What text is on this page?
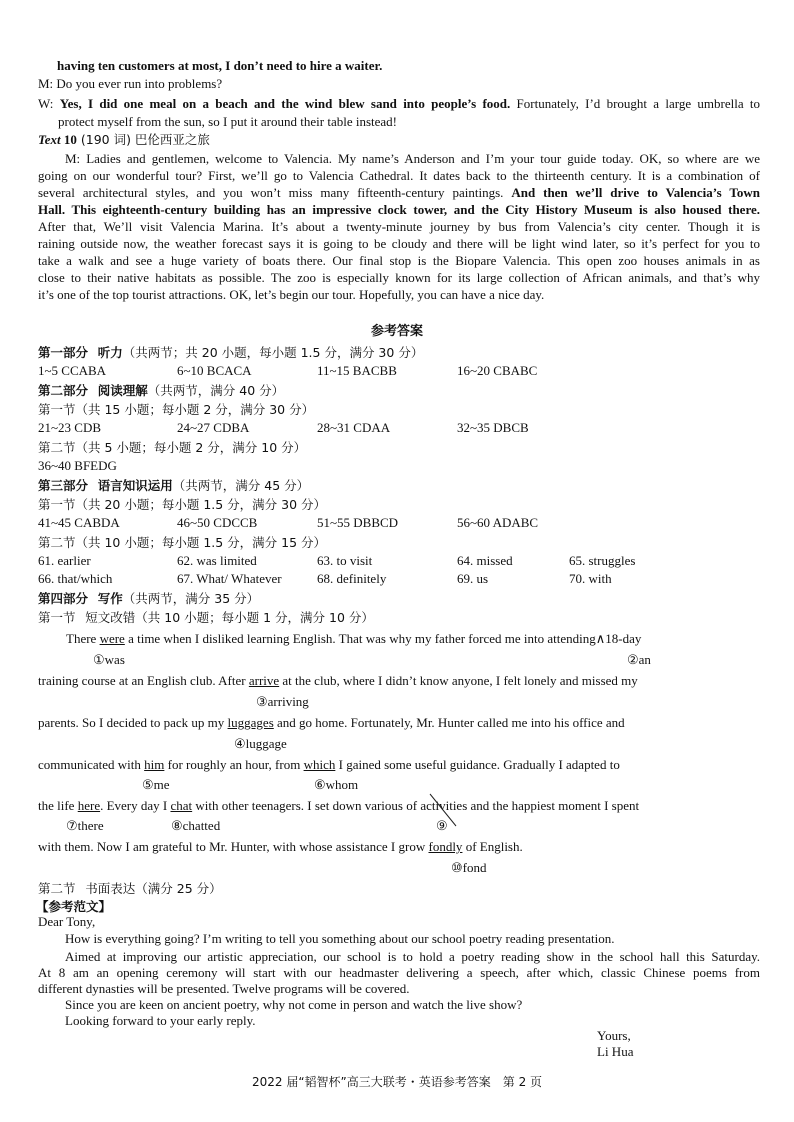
having ten customers at most, I don’t need to hire a waiter.
M: Do you ever run into problems?
W: Yes, I did one meal on a beach and the wind blew sand into people’s food. Fortunately, I’d brought a large umbrella to
protect myself from the sun, so I put it around their table instead!
Text 10 (190 词) 巴伦西亚之旅
M: Ladies and gentlemen, welcome to Valencia. My name’s Anderson and I’m your tour guide today. OK, so where are we
going on our wonderful tour? First, we’ll go to Valencia Cathedral. It dates back to the thirteenth century. It is a combination of
several architectural styles, and you won’t miss many fifteenth-century paintings. And then we’ll drive to Valencia’s Town
Hall. This eighteenth-century building has an impressive clock tower, and the City History Museum is also housed there.
After that, We’ll visit Valencia Marina. It’s about a twenty-minute journey by bus from Valencia’s city center. Though it is
raining outside now, the weather forecast says it is going to be cloudy and there will be light wind later, so it’s perfect for you to
take a walk and see a huge variety of boats there. Our final stop is the Biopare Valencia. This open zoo houses animals in as
close to their native habitats as possible. The zoo is especially known for its large collection of African animals, and that’s why
it’s one of the top tourist attractions. OK, let’s begin our tour. Hopefully, you can have a nice day.
参考答案
第一部分 听力（共两节；共 20 小题，每小题 1.5 分，满分 30 分）
1~5 CCABA	6~10 BCACA	11~15 BACBB	16~20 CBABC
第二部分 阅读理解（共两节，满分 40 分）
第一节（共 15 小题；每小题 2 分，满分 30 分）
21~23 CDB	24~27 CDBA	28~31 CDAA	32~35 DBCB
第二节（共 5 小题；每小题 2 分，满分 10 分）
36~40 BFEDG
第三部分 语言知识运用（共两节，满分 45 分）
第一节（共 20 小题；每小题 1.5 分，满分 30 分）
41~45 CABDA	46~50 CDCCB	51~55 DBBCD	56~60 ADABC
第二节（共 10 小题；每小题 1.5 分，满分 15 分）
61. earlier	62. was limited	63. to visit	64. missed	65. struggles
66. that/which	67. What/ Whatever	68. definitely	69. us	70. with
第四部分 写作（共两节，满分 35 分）
第一节 短文改错（共 10 小题；每小题 1 分，满分 10 分）
There were a time when I disliked learning English. That was why my father forced me into attending∧18-day
①was	②an
training course at an English club. After arrive at the club, where I didn’t know anyone, I felt lonely and missed my
③arriving
parents. So I decided to pack up my luggages and go home. Fortunately, Mr. Hunter called me into his office and
④luggage
communicated with him for roughly an hour, from which I gained some useful guidance. Gradually I adapted to
⑤me	⑥whom
the life here. Every day I chat with other teenagers. I set down various of activities and the happiest moment I spent
⑦there	⑧chatted	⑨
with them. Now I am grateful to Mr. Hunter, with whose assistance I grow fondly of English.
⑩fond
第二节 书面表达（满分 25 分）
【参考范文】
Dear Tony,
How is everything going? I’m writing to tell you something about our school poetry reading presentation.
Aimed at improving our artistic appreciation, our school is to hold a poetry reading show in the school hall this Saturday.
At 8 am an opening ceremony will start with our headmaster delivering a speech, after which, classic Chinese poems from
different dynasties will be presented. Twelve programs will be covered.
Since you are keen on ancient poetry, why not come in person and watch the live show?
Looking forward to your early reply.
Yours,
Li Hua
2022 届“韬智杯”高三大联考・英语参考答案　第 2 页
